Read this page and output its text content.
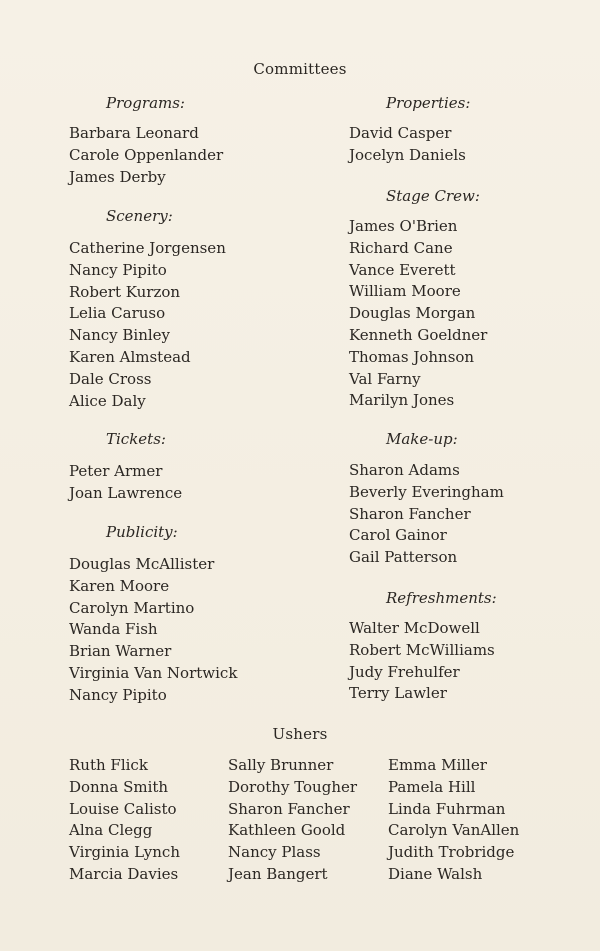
Committees
Programs:
Barbara Leonard
Carole Oppenlander
James Derby
Scenery:
Catherine Jorgensen
Nancy Pipito
Robert Kurzon
Lelia Caruso
Nancy Binley
Karen Almstead
Dale Cross
Alice Daly
Tickets:
Peter Armer
Joan Lawrence
Publicity:
Douglas McAllister
Karen Moore
Carolyn Martino
Wanda Fish
Brian Warner
Virginia Van Nortwick
Nancy Pipito
Properties:
David Casper
Jocelyn Daniels
Stage Crew:
James O'Brien
Richard Cane
Vance Everett
William Moore
Douglas Morgan
Kenneth Goeldner
Thomas Johnson
Val Farny
Marilyn Jones
Make-up:
Sharon Adams
Beverly Everingham
Sharon Fancher
Carol Gainor
Gail Patterson
Refreshments:
Walter McDowell
Robert McWilliams
Judy Frehulfer
Terry Lawler
Ushers
Ruth Flick
Donna Smith
Louise Calisto
Alna Clegg
Virginia Lynch
Marcia Davies
Sally Brunner
Dorothy Tougher
Sharon Fancher
Kathleen Goold
Nancy Plass
Jean Bangert
Emma Miller
Pamela Hill
Linda Fuhrman
Carolyn VanAllen
Judith Trobridge
Diane Walsh
